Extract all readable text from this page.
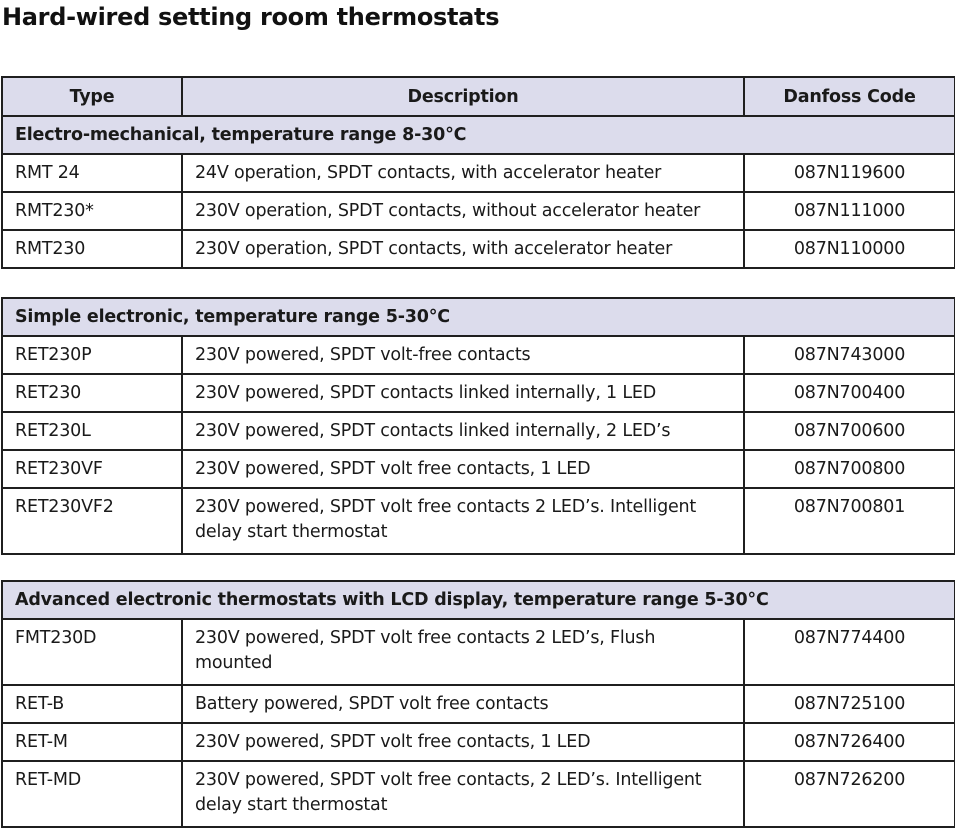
Hard-wired setting room thermostats
Type	Description	Danfoss Code
Electro-mechanical, temperature range 8-30°C		
RMT 24	24V operation, SPDT contacts, with accelerator heater	087N119600
RMT230*	230V operation, SPDT contacts, without accelerator heater	087N111000
RMT230	230V operation, SPDT contacts, with accelerator heater	087N110000
Simple electronic, temperature range 5-30°C		
RET230P	230V powered, SPDT volt-free contacts	087N743000
RET230	230V powered, SPDT contacts linked internally, 1 LED	087N700400
RET230L	230V powered, SPDT contacts linked internally, 2 LED’s	087N700600
RET230VF	230V powered, SPDT volt free contacts, 1 LED	087N700800
RET230VF2	230V powered, SPDT volt free contacts 2 LED’s. Intelligent delay start thermostat	087N700801
Advanced electronic thermostats with LCD display, temperature range 5-30°C		
FMT230D	230V powered, SPDT volt free contacts 2 LED’s, Flush mounted	087N774400
RET-B	Battery powered, SPDT volt free contacts	087N725100
RET-M	230V powered, SPDT volt free contacts, 1 LED	087N726400
RET-MD	230V powered, SPDT volt free contacts, 2 LED’s. Intelligent delay start thermostat	087N726200
